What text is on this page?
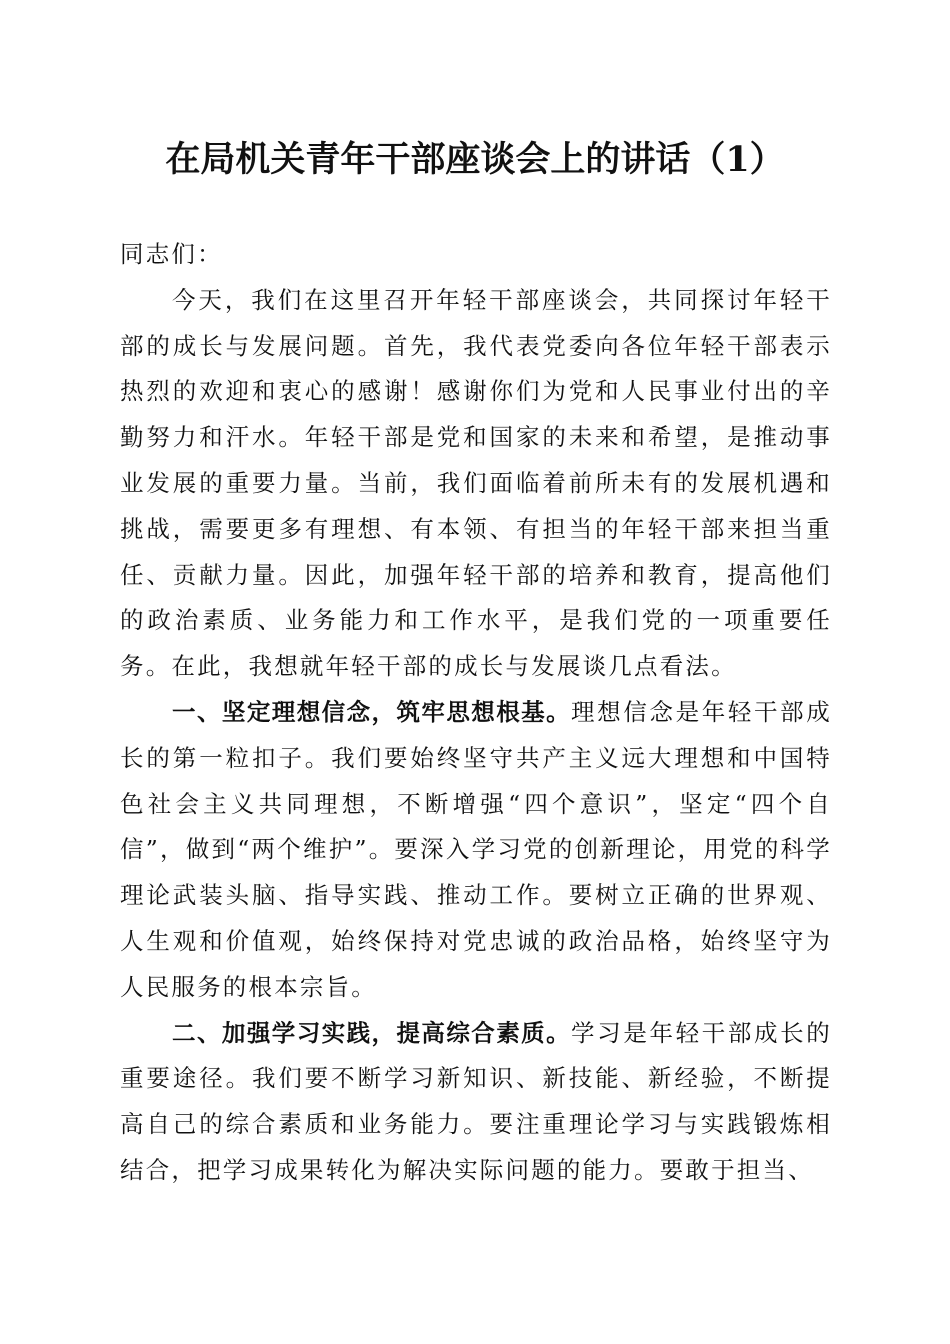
在局机关青年干部座谈会上的讲话（1）

同志们：

今天，我们在这里召开年轻干部座谈会，共同探讨年轻干部的成长与发展问题。首先，我代表党委向各位年轻干部表示热烈的欢迎和衷心的感谢！感谢你们为党和人民事业付出的辛勤努力和汗水。年轻干部是党和国家的未来和希望，是推动事业发展的重要力量。当前，我们面临着前所未有的发展机遇和挑战，需要更多有理想、有本领、有担当的年轻干部来担当重任、贡献力量。因此，加强年轻干部的培养和教育，提高他们的政治素质、业务能力和工作水平，是我们党的一项重要任务。在此，我想就年轻干部的成长与发展谈几点看法。

一、坚定理想信念，筑牢思想根基。理想信念是年轻干部成长的第一粒扣子。我们要始终坚守共产主义远大理想和中国特色社会主义共同理想，不断增强“四个意识”，坚定“四个自信”，做到“两个维护”。要深入学习党的创新理论，用党的科学理论武装头脑、指导实践、推动工作。要树立正确的世界观、人生观和价值观，始终保持对党忠诚的政治品格，始终坚守为人民服务的根本宗旨。

二、加强学习实践，提高综合素质。学习是年轻干部成长的重要途径。我们要不断学习新知识、新技能、新经验，不断提高自己的综合素质和业务能力。要注重理论学习与实践锻炼相结合，把学习成果转化为解决实际问题的能力。要敢于担当、
